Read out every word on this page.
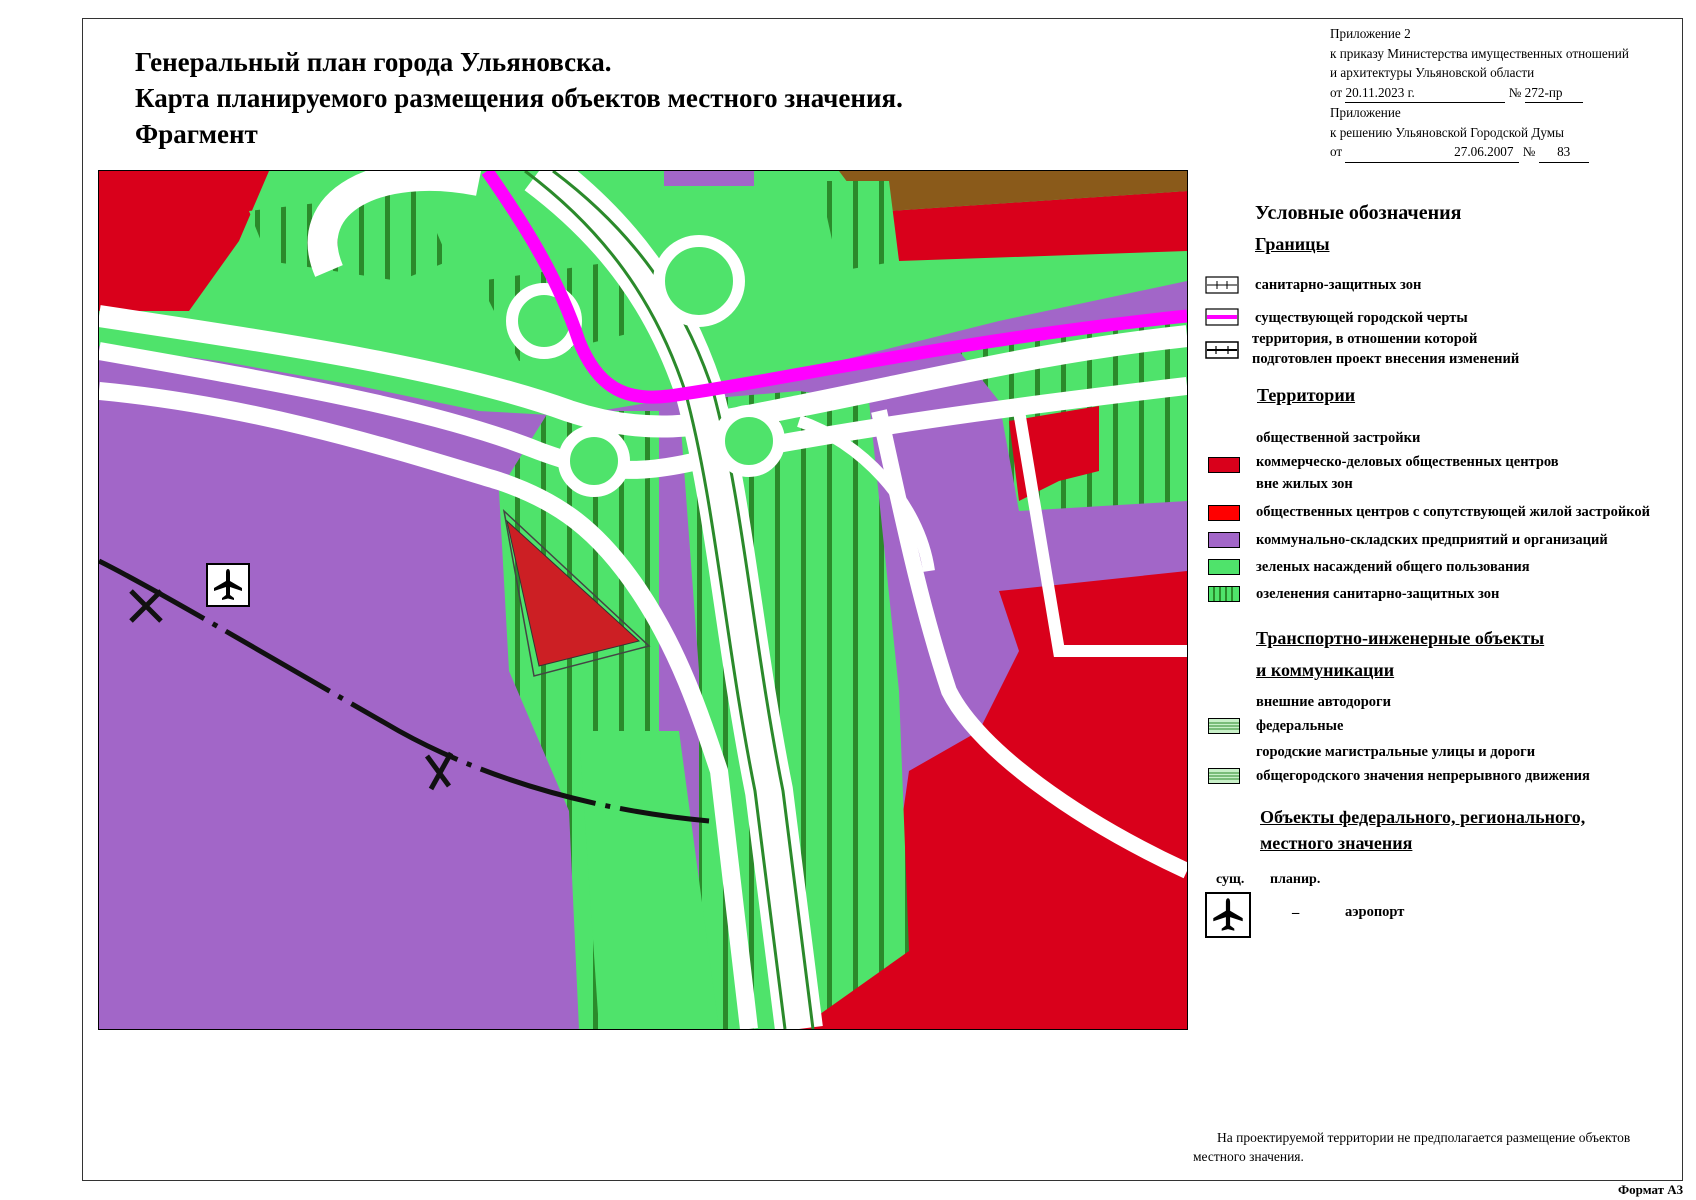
Генеральный план города Ульяновска.
Карта планируемого размещения объектов местного значения.
Фрагмент
Приложение 2
к приказу Министерства имущественных отношений
и архитектуры Ульяновской области
от 20.11.2023 г.	№ 272-пр
Приложение
к решению Ульяновской Городской Думы
от	27.06.2007 № 83
Условные обозначения
Границы
санитарно-защитных зон
существующей городской черты
территория, в отношении которой
подготовлен проект внесения изменений
Территории
общественной застройки
коммерческо-деловых общественных центров
вне жилых зон
общественных центров с сопутствующей жилой застройкой
коммунально-складских предприятий и организаций
зеленых насаждений общего пользования
озеленения санитарно-защитных зон
Транспортно-инженерные объекты
и коммуникации
внешние автодороги
федеральные
городские магистральные улицы и дороги
общегородского значения непрерывного движения
Объекты федерального, регионального,
местного значения
сущ. планир.
_	аэропорт
На проектируемой территории не предполагается размещение объектов местного значения.
Формат А3
